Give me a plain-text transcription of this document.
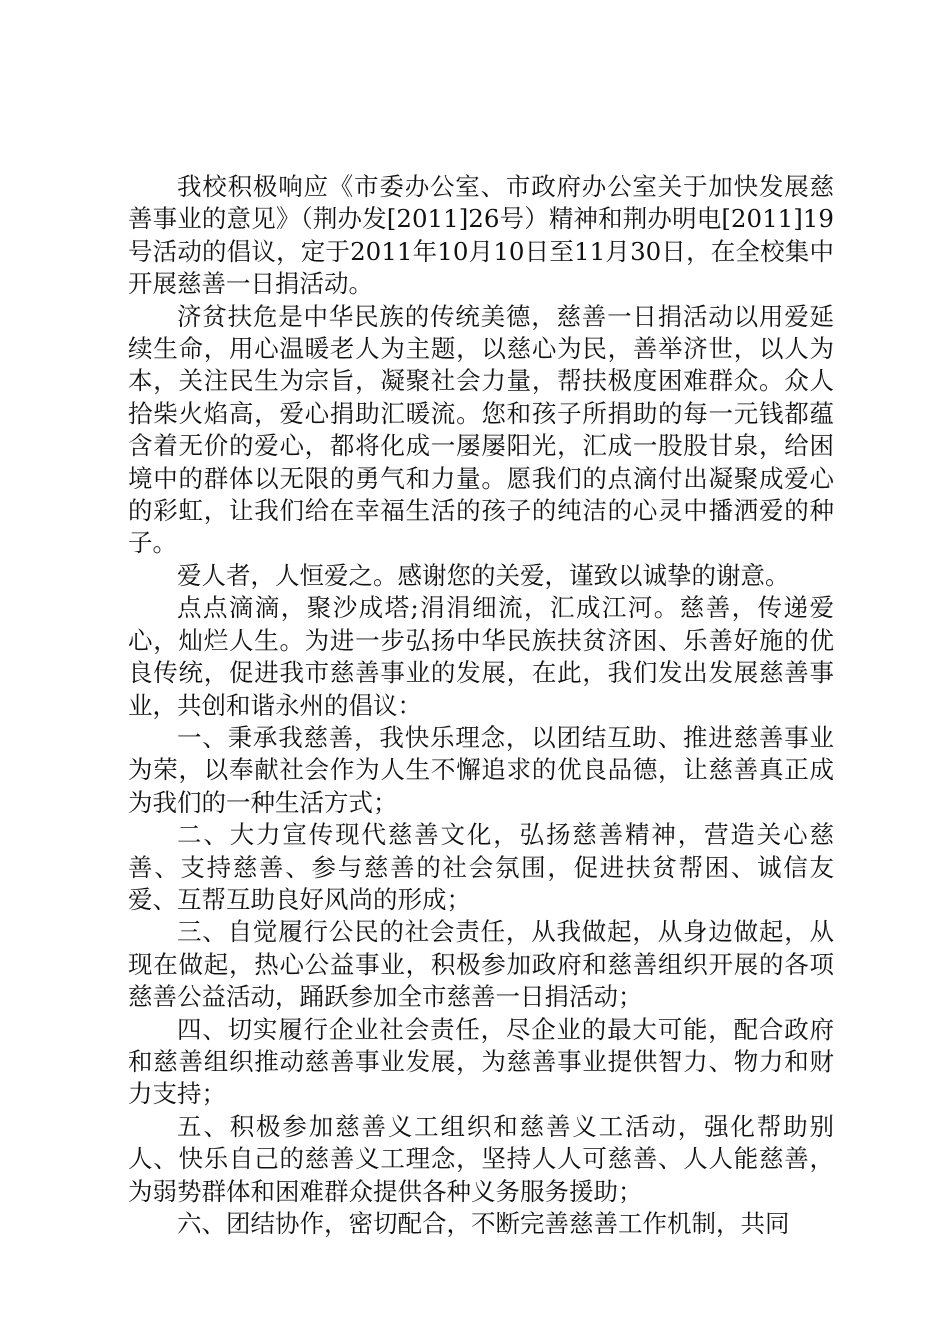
我校积极响应《市委办公室、市政府办公室关于加快发展慈善事业的意见》（荆办发[2011]26号）精神和荆办明电[2011]19号活动的倡议，定于2011年10月10日至11月30日，在全校集中开展慈善一日捐活动。

济贫扶危是中华民族的传统美德，慈善一日捐活动以用爱延续生命，用心温暖老人为主题，以慈心为民，善举济世，以人为本，关注民生为宗旨，凝聚社会力量，帮扶极度困难群众。众人拾柴火焰高，爱心捐助汇暖流。您和孩子所捐助的每一元钱都蕴含着无价的爱心，都将化成一屡屡阳光，汇成一股股甘泉，给困境中的群体以无限的勇气和力量。愿我们的点滴付出凝聚成爱心的彩虹，让我们给在幸福生活的孩子的纯洁的心灵中播洒爱的种子。

爱人者，人恒爱之。感谢您的关爱，谨致以诚挚的谢意。

点点滴滴，聚沙成塔;涓涓细流，汇成江河。慈善，传递爱心，灿烂人生。为进一步弘扬中华民族扶贫济困、乐善好施的优良传统，促进我市慈善事业的发展，在此，我们发出发展慈善事业，共创和谐永州的倡议：

一、秉承我慈善，我快乐理念，以团结互助、推进慈善事业为荣，以奉献社会作为人生不懈追求的优良品德，让慈善真正成为我们的一种生活方式；

二、大力宣传现代慈善文化，弘扬慈善精神，营造关心慈善、支持慈善、参与慈善的社会氛围，促进扶贫帮困、诚信友爱、互帮互助良好风尚的形成；

三、自觉履行公民的社会责任，从我做起，从身边做起，从现在做起，热心公益事业，积极参加政府和慈善组织开展的各项慈善公益活动，踊跃参加全市慈善一日捐活动；

四、切实履行企业社会责任，尽企业的最大可能，配合政府和慈善组织推动慈善事业发展，为慈善事业提供智力、物力和财力支持；

五、积极参加慈善义工组织和慈善义工活动，强化帮助别人、快乐自己的慈善义工理念，坚持人人可慈善、人人能慈善，为弱势群体和困难群众提供各种义务服务援助；

六、团结协作，密切配合，不断完善慈善工作机制，共同
